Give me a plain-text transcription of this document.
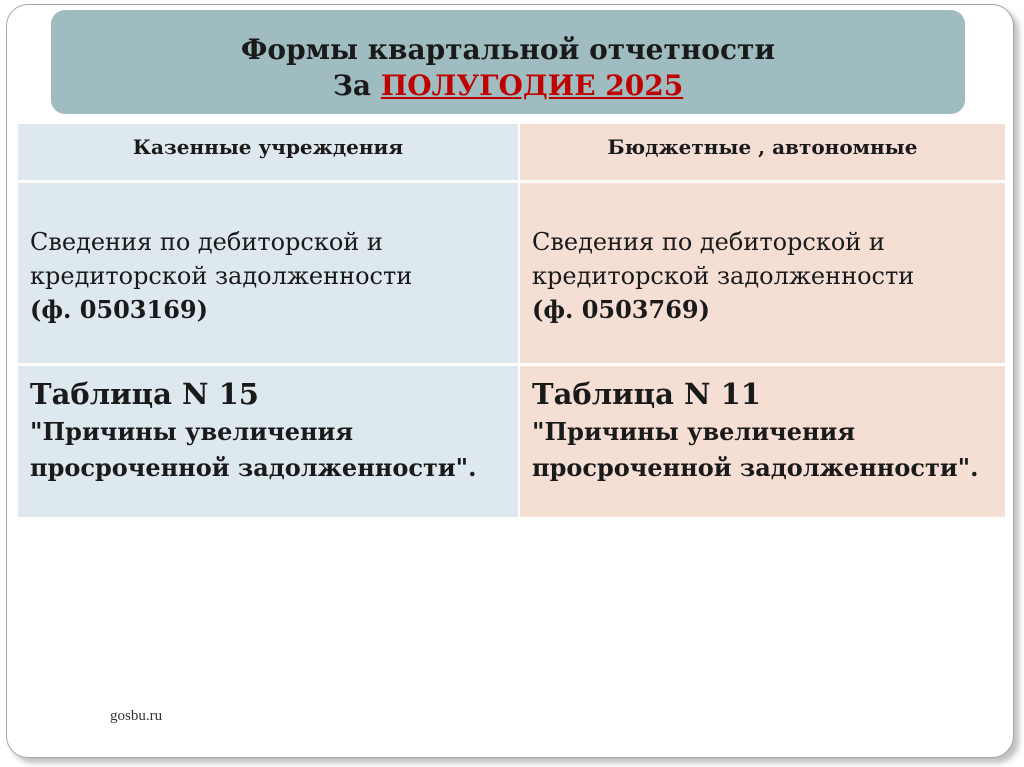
Формы квартальной отчетности
За ПОЛУГОДИЕ 2025
Казенные учреждения	Бюджетные , автономные
Сведения по дебиторской и
кредиторской задолженности
(ф. 0503169)
Сведения по дебиторской и
кредиторской задолженности
(ф. 0503769)
Таблица N 15
"Причины увеличения
просроченной задолженности".
Таблица N 11
"Причины увеличения
просроченной задолженности".
gosbu.ru
